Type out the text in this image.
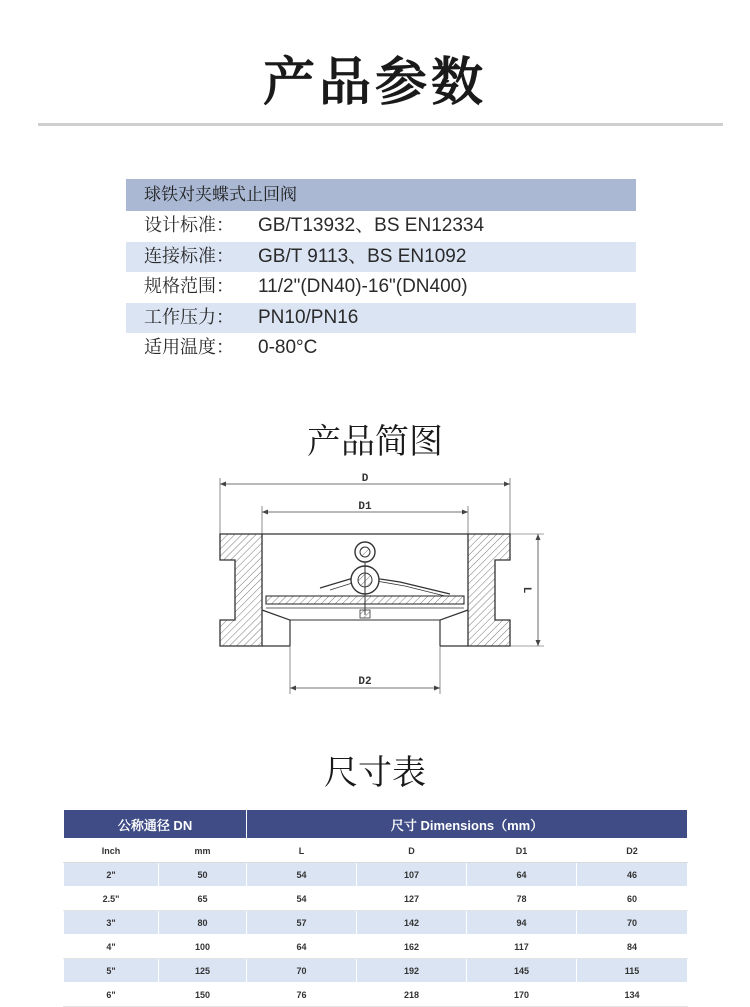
产品参数
球铁对夹蝶式止回阀
设计标准：	GB/T13932、BS EN12334
连接标准：	GB/T 9113、BS EN1092
规格范围：	11/2"(DN40)-16"(DN400)
工作压力：	PN10/PN16
适用温度：	0-80°C
产品简图
D
D1
D2
L
尺寸表
公称通径 DN		尺寸 Dimensions（mm）			
Inch	mm	L	D	D1	D2
2"	50	54	107	64	46
2.5"	65	54	127	78	60
3"	80	57	142	94	70
4"	100	64	162	117	84
5"	125	70	192	145	115
6"	150	76	218	170	134
